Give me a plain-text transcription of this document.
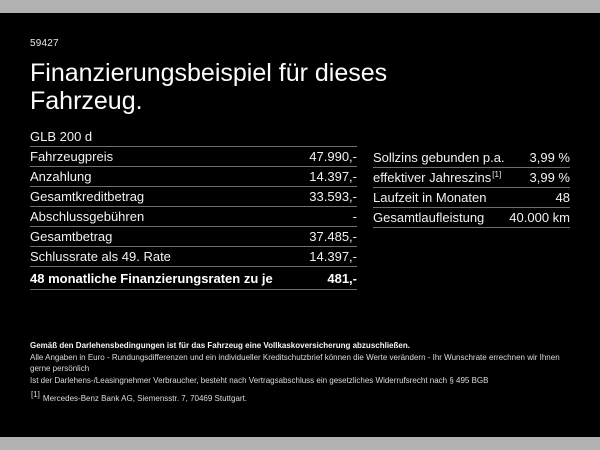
59427
Finanzierungsbeispiel für dieses Fahrzeug.
GLB 200 d
Fahrzeugpreis	47.990,-
Anzahlung	14.397,-
Gesamtkreditbetrag	33.593,-
Abschlussgebühren	-
Gesamtbetrag	37.485,-
Schlussrate als 49. Rate	14.397,-
48 monatliche Finanzierungsraten zu je	481,-
Sollzins gebunden p.a. 3,99 %
effektiver Jahreszins[1] 3,99 %
Laufzeit in Monaten	48
Gesamtlaufleistung 40.000 km
Gemäß den Darlehensbedingungen ist für das Fahrzeug eine Vollkaskoversicherung abzuschließen.
Alle Angaben in Euro - Rundungsdifferenzen und ein individueller Kreditschutzbrief können die Werte verändern - Ihr Wunschrate errechnen wir Ihnen gerne persönlich
Ist der Darlehens-/Leasingnehmer Verbraucher, besteht nach Vertragsabschluss ein gesetzliches Widerrufsrecht nach § 495 BGB
[1] Mercedes-Benz Bank AG, Siemensstr. 7, 70469 Stuttgart.
